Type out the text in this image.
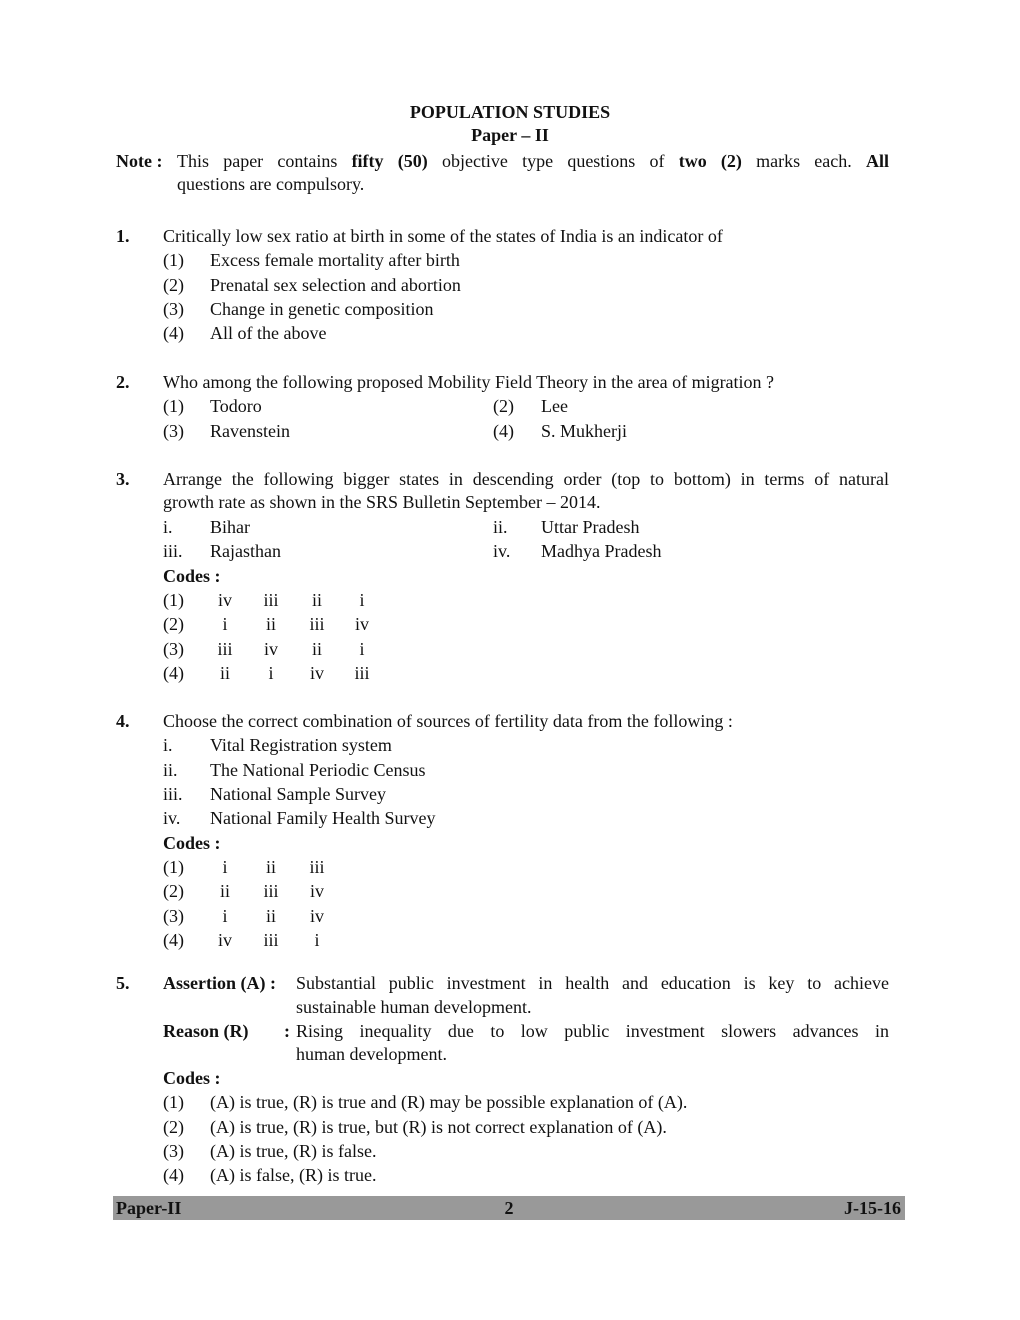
POPULATION STUDIES
Paper – II
Note : This paper contains fifty (50) objective type questions of two (2) marks each. All
questions are compulsory.
1. Critically low sex ratio at birth in some of the states of India is an indicator of
(1) Excess female mortality after birth
(2) Prenatal sex selection and abortion
(3) Change in genetic composition
(4) All of the above
2. Who among the following proposed Mobility Field Theory in the area of migration ?
(1) Todoro	(2) Lee
(3) Ravenstein	(4) S. Mukherji
3. Arrange the following bigger states in descending order (top to bottom) in terms of natural
growth rate as shown in the SRS Bulletin September – 2014.
i. Bihar	ii. Uttar Pradesh
iii. Rajasthan	iv. Madhya Pradesh
Codes :
(1)	iv	iii	ii	i
(2)	i	ii	iii	iv
(3)	iii	iv	ii	i
(4)	ii	i	iv	iii
4. Choose the correct combination of sources of fertility data from the following :
i. Vital Registration system
ii. The National Periodic Census
iii. National Sample Survey
iv. National Family Health Survey
Codes :
(1)	i	ii	iii
(2)	ii	iii	iv
(3)	i	ii	iv
(4)	iv	iii	i
5. Assertion (A) : Substantial public investment in health and education is key to achieve
sustainable human development.
Reason (R) : Rising inequality due to low public investment slowers advances in
human development.
Codes :
(1) (A) is true, (R) is true and (R) may be possible explanation of (A).
(2) (A) is true, (R) is true, but (R) is not correct explanation of (A).
(3) (A) is true, (R) is false.
(4) (A) is false, (R) is true.
Paper-II	2	J-15-16
